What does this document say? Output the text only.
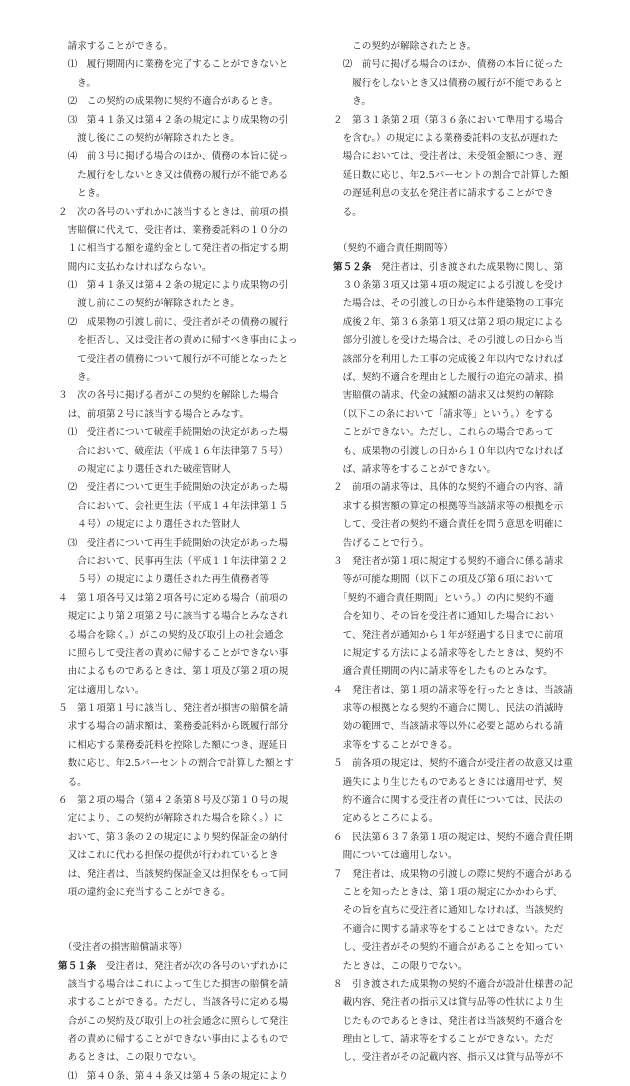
　請求することができる。
　⑴　履行期間内に業務を完了することができないと
　　き。
　⑵　この契約の成果物に契約不適合があるとき。
　⑶　第４１条又は第４２条の規定により成果物の引
　　渡し後にこの契約が解除されたとき。
　⑷　前３号に掲げる場合のほか、債務の本旨に従っ
　　た履行をしないとき又は債務の履行が不能である
　　とき。
２　次の各号のいずれかに該当するときは、前項の損
　害賠償に代えて、受注者は、業務委託料の１０分の
　１に相当する額を違約金として発注者の指定する期
　間内に支払わなければならない。
　⑴　第４１条又は第４２条の規定により成果物の引
　　渡し前にこの契約が解除されたとき。
　⑵　成果物の引渡し前に、受注者がその債務の履行
　　を拒否し、又は受注者の責めに帰すべき事由によっ
　　て受注者の債務について履行が不可能となったと
　　き。
３　次の各号に掲げる者がこの契約を解除した場合
　は、前項第２号に該当する場合とみなす。
　⑴　受注者について破産手続開始の決定があった場
　　合において、破産法（平成１６年法律第７５号）
　　の規定により選任された破産管財人
　⑵　受注者について更生手続開始の決定があった場
　　合において、会社更生法（平成１４年法律第１５
　　４号）の規定により選任された管財人
　⑶　受注者について再生手続開始の決定があった場
　　合において、民事再生法（平成１１年法律第２２
　　５号）の規定により選任された再生債務者等
４　第１項各号又は第２項各号に定める場合（前項の
　規定により第２項第２号に該当する場合とみなされ
　る場合を除く。）がこの契約及び取引上の社会通念
　に照らして受注者の責めに帰することができない事
　由によるものであるときは、第１項及び第２項の規
　定は適用しない。
５　第１項第１号に該当し、発注者が損害の賠償を請
　求する場合の請求額は、業務委託料から既履行部分
　に相応する業務委託料を控除した額につき、遅延日
　数に応じ、年2.5パーセントの割合で計算した額とす
　る。
６　第２項の場合（第４２条第８号及び第１０号の規
　定により、この契約が解除された場合を除く。）に
　おいて、第３条の２の規定により契約保証金の納付
　又はこれに代わる担保の提供が行われているとき
　は、発注者は、当該契約保証金又は担保をもって同
　項の違約金に充当することができる。
　（受注者の損害賠償請求等）
第５１条　受注者は、発注者が次の各号のいずれかに
　該当する場合はこれによって生じた損害の賠償を請
　求することができる。ただし、当該各号に定める場
　合がこの契約及び取引上の社会通念に照らして発注
　者の責めに帰することができない事由によるもので
　あるときは、この限りでない。
　⑴　第４０条、第４４条又は第４５条の規定により
　　この契約が解除されたとき。
　⑵　前号に掲げる場合のほか、債務の本旨に従った
　　履行をしないとき又は債務の履行が不能であると
　　き。
２　第３１条第２項（第３６条において準用する場合
　を含む。）の規定による業務委託料の支払が遅れた
　場合においては、受注者は、未受領金額につき、遅
　延日数に応じ、年2.5パーセントの割合で計算した額
　の遅延利息の支払を発注者に請求することができ
　る。
　（契約不適合責任期間等）
第５２条　発注者は、引き渡された成果物に関し、第
　３０条第３項又は第４項の規定による引渡しを受け
　た場合は、その引渡しの日から本件建築物の工事完
　成後２年、第３６条第１項又は第２項の規定による
　部分引渡しを受けた場合は、その引渡しの日から当
　該部分を利用した工事の完成後２年以内でなければ
　ば、契約不適合を理由とした履行の追完の請求、損
　害賠償の請求、代金の減額の請求又は契約の解除
　（以下この条において「請求等」という。）をする
　ことができない。ただし、これらの場合であって
　も、成果物の引渡しの日から１０年以内でなければ
　ば、請求等をすることができない。
２　前項の請求等は、具体的な契約不適合の内容、請
　求する損害額の算定の根拠等当該請求等の根拠を示
　して、受注者の契約不適合責任を問う意思を明確に
　告げることで行う。
３　発注者が第１項に規定する契約不適合に係る請求
　等が可能な期間（以下この項及び第６項において
　「契約不適合責任期間」という。）の内に契約不適
　合を知り、その旨を受注者に通知した場合におい
　て、発注者が通知から１年が経過する日までに前項
　に規定する方法による請求等をしたときは、契約不
　適合責任期間の内に請求等をしたものとみなす。
４　発注者は、第１項の請求等を行ったときは、当該請
　求等の根拠となる契約不適合に関し、民法の消滅時
　効の範囲で、当該請求等以外に必要と認められる請
　求等をすることができる。
５　前各項の規定は、契約不適合が受注者の故意又は重
　過失により生じたものであるときには適用せず、契
　約不適合に関する受注者の責任については、民法の
　定めるところによる。
６　民法第６３７条第１項の規定は、契約不適合責任期
　間については適用しない。
７　発注者は、成果物の引渡しの際に契約不適合がある
　ことを知ったときは、第１項の規定にかかわらず、
　その旨を直ちに受注者に通知しなければ、当該契約
　不適合に関する請求等をすることはできない。ただ
　し、受注者がその契約不適合があることを知ってい
　たときは、この限りでない。
８　引き渡された成果物の契約不適合が設計仕様書の記
　載内容、発注者の指示又は貸与品等の性状により生
　じたものであるときは、発注者は当該契約不適合を
　理由として、請求等をすることができない。ただ
　し、受注者がその記載内容、指示又は貸与品等が不
